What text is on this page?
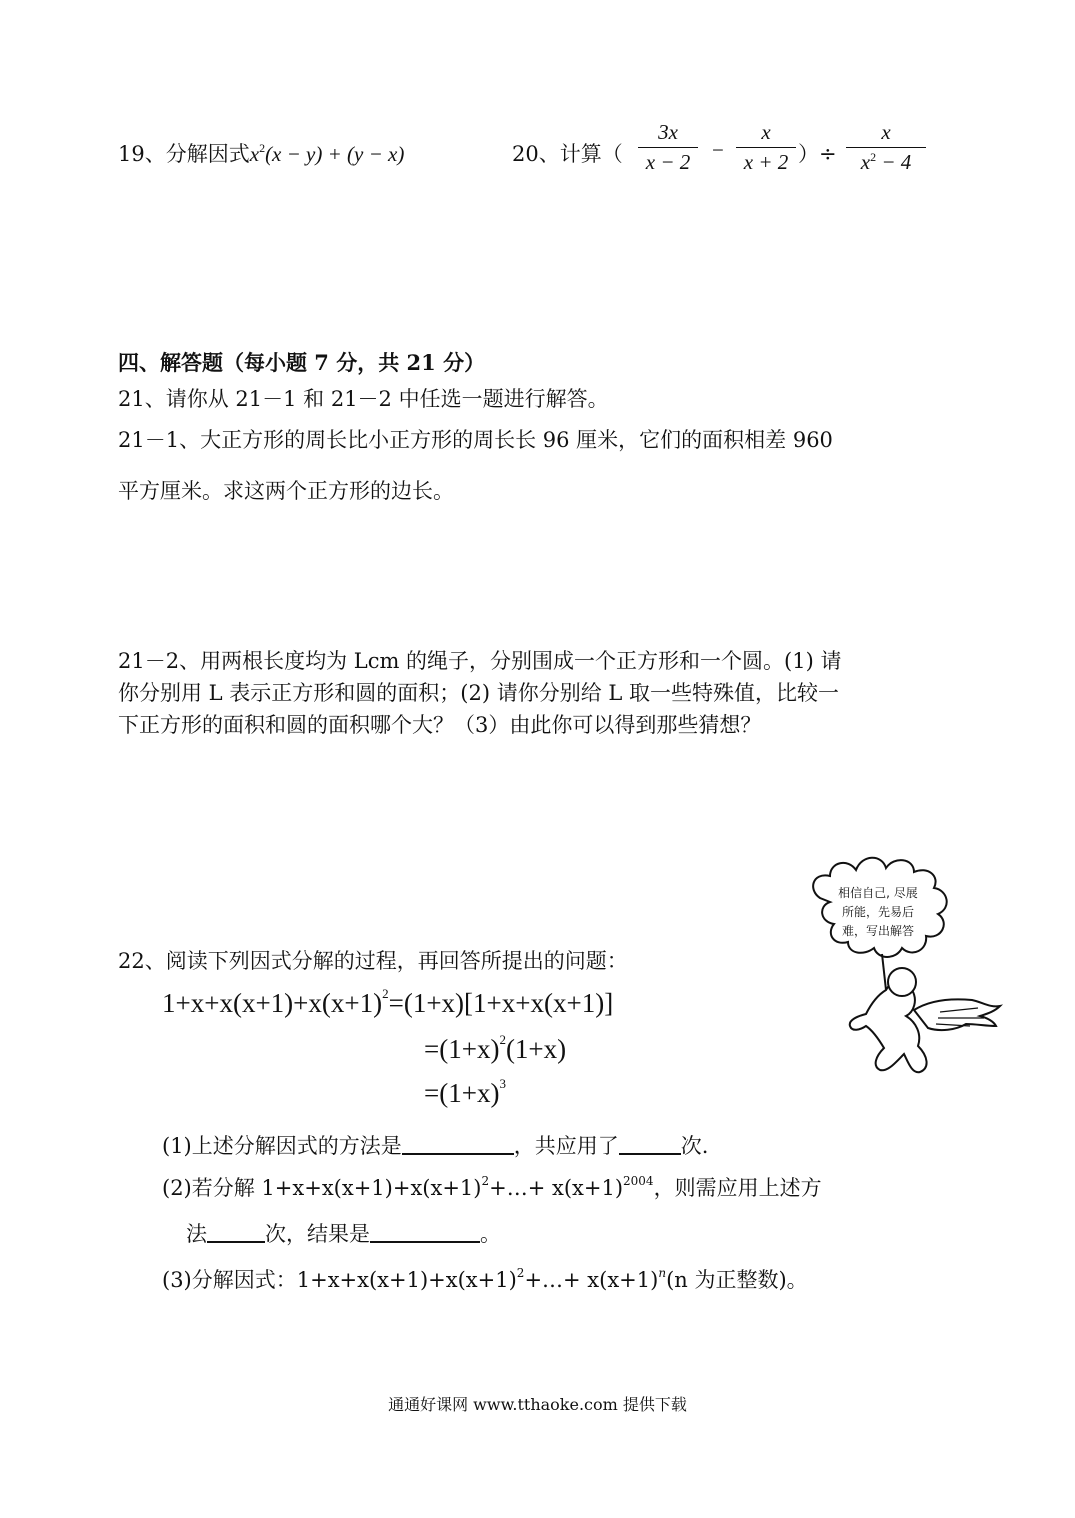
19、分解因式$x^2(x - y) + (y - x)$	20、计算（
3x
x − 2	−
x
x + 2 ）÷
x
$x^2 - 4$
四、解答题（每小题 7 分，共 21 分）
21、请你从 21－1 和 21－2 中任选一题进行解答。
21－1、大正方形的周长比小正方形的周长长 96 厘米，它们的面积相差 960
平方厘米。求这两个正方形的边长。
21－2、用两根长度均为 Lcm 的绳子，分别围成一个正方形和一个圆。(1) 请
你分别用 L 表示正方形和圆的面积；(2) 请你分别给 L 取一些特殊值，比较一
下正方形的面积和圆的面积哪个大？（3）由此你可以得到那些猜想？
相信自己, 尽展
所能，先易后
难，写出解答
22、阅读下列因式分解的过程，再回答所提出的问题：
$1+x+x(x+1)+x(x+1)^2=(1+x)[1+x+x(x+1)]$
$=(1+x)^2(1+x)$
$=(1+x)^3$
(1)上述分解因式的方法是	，共应用了	次.
(2)若分解 $1+x+x(x+1)+x(x+1)^2+\dots+ x(x+1)^{2004}$，则需应用上述方
法	次，结果是	。
(3)分解因式：$1+x+x(x+1)+x(x+1)^2+\dots+ x(x+1)^n(n$ 为正整数)。
通通好课网 www.tthaoke.com 提供下载
